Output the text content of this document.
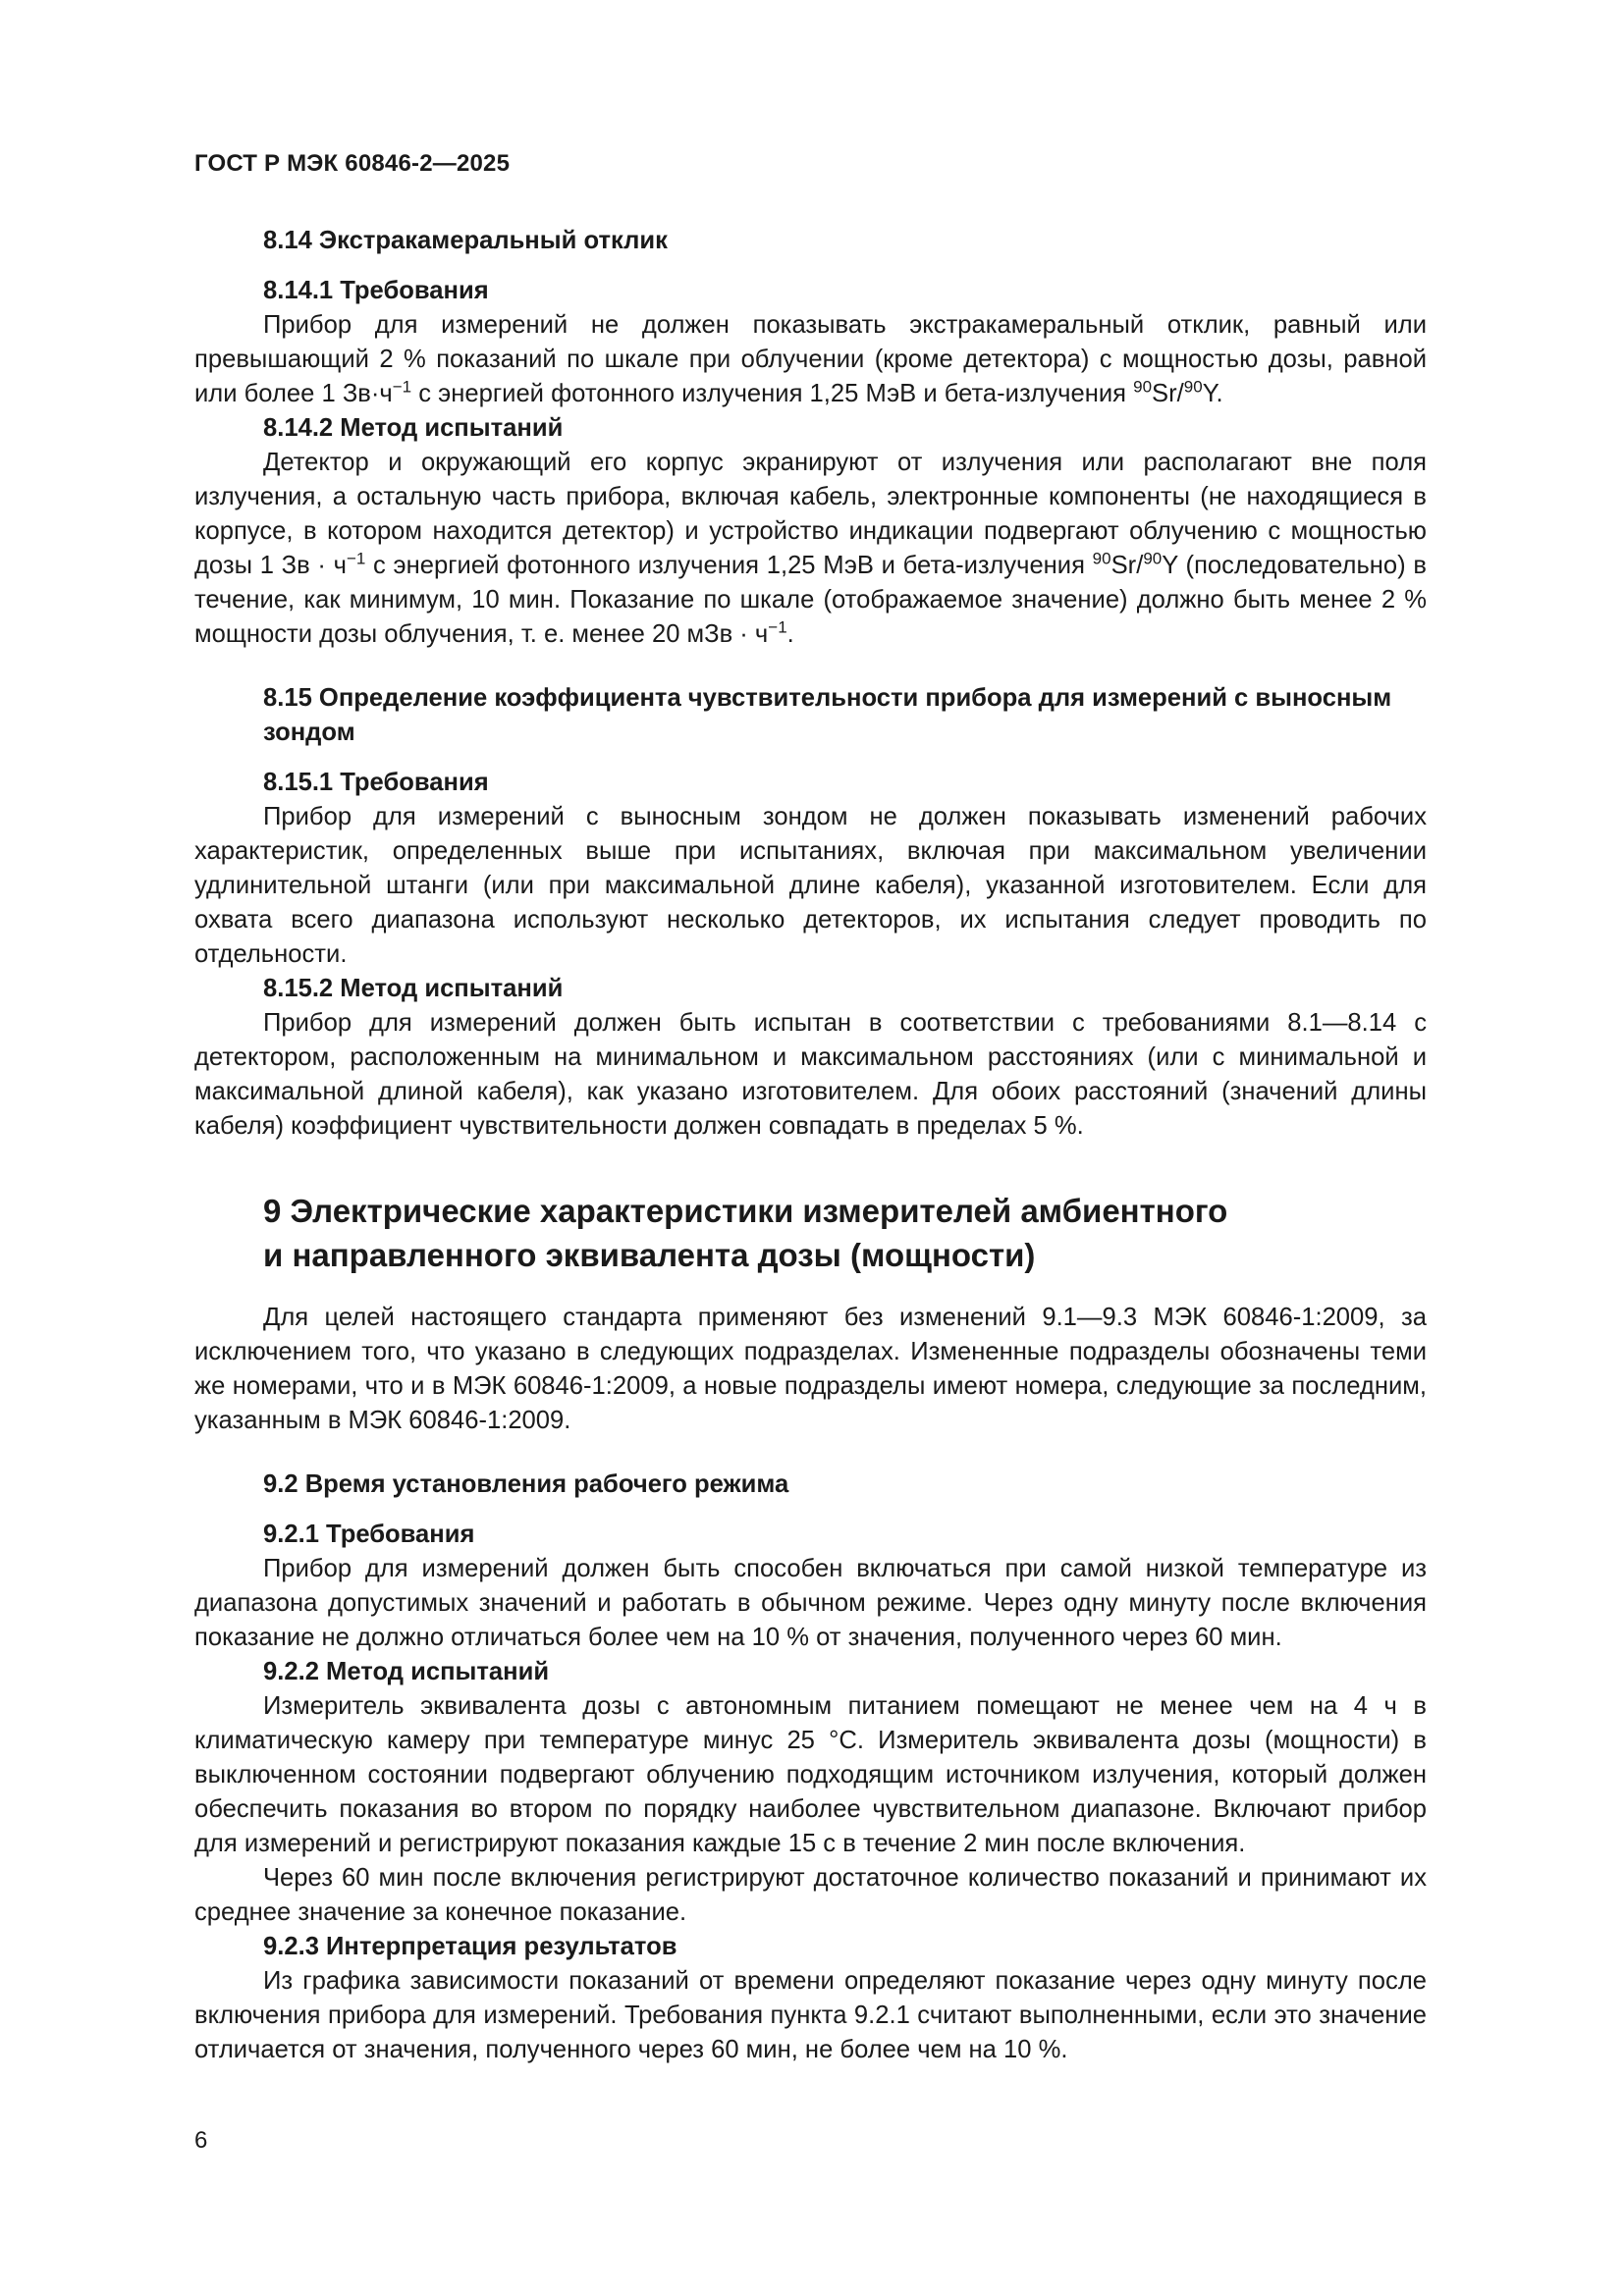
ГОСТ Р МЭК 60846-2—2025

8.14 Экстракамеральный отклик

8.14.1 Требования

Прибор для измерений не должен показывать экстракамеральный отклик, равный или превышающий 2 % показаний по шкале при облучении (кроме детектора) с мощностью дозы, равной или более 1 $Зв\cdot ч^{-1}$ с энергией фотонного излучения 1,25 МэВ и бета-излучения $^{90}$Sr/$^{90}$Y.

8.14.2 Метод испытаний

Детектор и окружающий его корпус экранируют от излучения или располагают вне поля излучения, а остальную часть прибора, включая кабель, электронные компоненты (не находящиеся в корпусе, в котором находится детектор) и устройство индикации подвергают облучению с мощностью дозы 1 Зв · $ч^{-1}$ с энергией фотонного излучения 1,25 МэВ и бета-излучения $^{90}$Sr/$^{90}$Y (последовательно) в течение, как минимум, 10 мин. Показание по шкале (отображаемое значение) должно быть менее 2 % мощности дозы облучения, т. е. менее 20 мЗв · $ч^{-1}$.

8.15 Определение коэффициента чувствительности прибора для измерений с выносным зондом

8.15.1 Требования

Прибор для измерений с выносным зондом не должен показывать изменений рабочих характеристик, определенных выше при испытаниях, включая при максимальном увеличении удлинительной штанги (или при максимальной длине кабеля), указанной изготовителем. Если для охвата всего диапазона используют несколько детекторов, их испытания следует проводить по отдельности.

8.15.2 Метод испытаний

Прибор для измерений должен быть испытан в соответствии с требованиями 8.1—8.14 с детектором, расположенным на минимальном и максимальном расстояниях (или с минимальной и максимальной длиной кабеля), как указано изготовителем. Для обоих расстояний (значений длины кабеля) коэффициент чувствительности должен совпадать в пределах 5 %.

9 Электрические характеристики измерителей амбиентного
и направленного эквивалента дозы (мощности)

Для целей настоящего стандарта применяют без изменений 9.1—9.3 МЭК 60846-1:2009, за исключением того, что указано в следующих подразделах. Измененные подразделы обозначены теми же номерами, что и в МЭК 60846-1:2009, а новые подразделы имеют номера, следующие за последним, указанным в МЭК 60846-1:2009.

9.2 Время установления рабочего режима

9.2.1 Требования

Прибор для измерений должен быть способен включаться при самой низкой температуре из диапазона допустимых значений и работать в обычном режиме. Через одну минуту после включения показание не должно отличаться более чем на 10 % от значения, полученного через 60 мин.

9.2.2 Метод испытаний

Измеритель эквивалента дозы с автономным питанием помещают не менее чем на 4 ч в климатическую камеру при температуре минус 25 °С. Измеритель эквивалента дозы (мощности) в выключенном состоянии подвергают облучению подходящим источником излучения, который должен обеспечить показания во втором по порядку наиболее чувствительном диапазоне. Включают прибор для измерений и регистрируют показания каждые 15 с в течение 2 мин после включения.

Через 60 мин после включения регистрируют достаточное количество показаний и принимают их среднее значение за конечное показание.

9.2.3 Интерпретация результатов

Из графика зависимости показаний от времени определяют показание через одну минуту после включения прибора для измерений. Требования пункта 9.2.1 считают выполненными, если это значение отличается от значения, полученного через 60 мин, не более чем на 10 %.

6
